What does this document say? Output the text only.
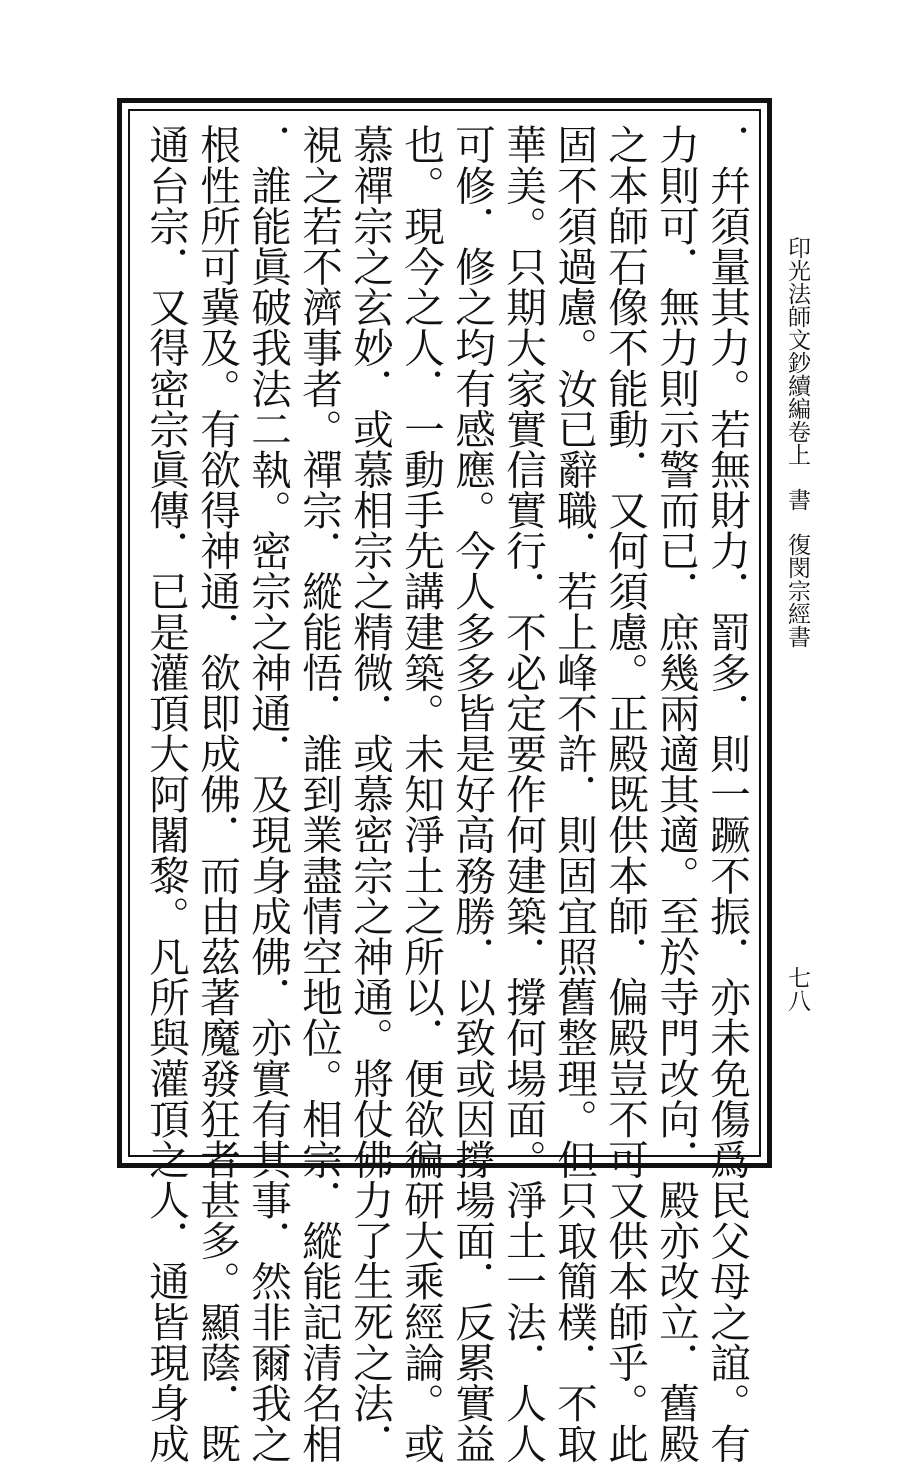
印光法師文鈔續編卷上書復閔宗經書
七八
．幷須量其力。若無財力．罰多．則一蹶不振．亦未免傷爲民父母之誼。有
力則可．無力則示警而已．庶幾兩適其適。至於寺門改向．殿亦改立．舊殿
之本師石像不能動．又何須慮。正殿既供本師．偏殿豈不可又供本師乎。此
固不須過慮。汝已辭職．若上峰不許．則固宜照舊整理。但只取簡樸．不取
華美。只期大家實信實行．不必定要作何建築．撐何場面。淨土一法．人人
可修．修之均有感應。今人多多皆是好高務勝．以致或因撐場面．反累實益
也。現今之人．一動手先講建築。未知淨土之所以．便欲徧研大乘經論。或
慕禪宗之玄妙．或慕相宗之精微．或慕密宗之神通。將仗佛力了生死之法．
視之若不濟事者。禪宗．縱能悟．誰到業盡情空地位。相宗．縱能記清名相
．誰能眞破我法二執。密宗之神通．及現身成佛．亦實有其事．然非爾我之
根性所可冀及。有欲得神通．欲即成佛．而由茲著魔發狂者甚多。顯蔭．既
通台宗．又得密宗眞傳．已是灌頂大阿闍黎。凡所與灌頂之人．通皆現身成
